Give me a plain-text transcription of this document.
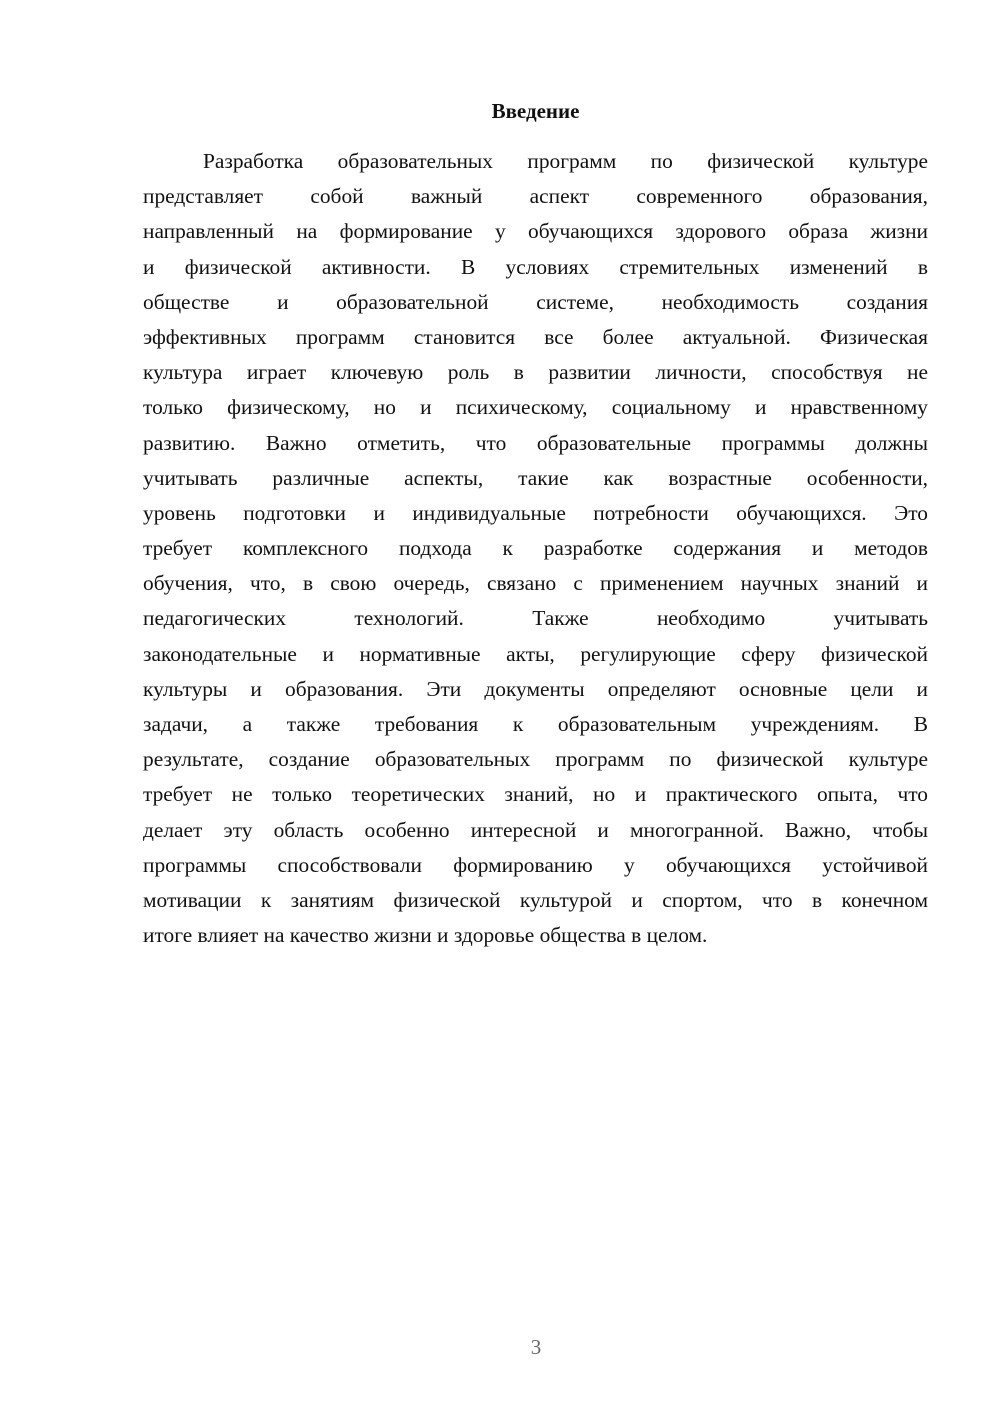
Введение
Разработка образовательных программ по физической культуре
представляет собой важный аспект современного образования,
направленный на формирование у обучающихся здорового образа жизни
и физической активности. В условиях стремительных изменений в
обществе и образовательной системе, необходимость создания
эффективных программ становится все более актуальной. Физическая
культура играет ключевую роль в развитии личности, способствуя не
только физическому, но и психическому, социальному и нравственному
развитию. Важно отметить, что образовательные программы должны
учитывать различные аспекты, такие как возрастные особенности,
уровень подготовки и индивидуальные потребности обучающихся. Это
требует комплексного подхода к разработке содержания и методов
обучения, что, в свою очередь, связано с применением научных знаний и
педагогических технологий. Также необходимо учитывать
законодательные и нормативные акты, регулирующие сферу физической
культуры и образования. Эти документы определяют основные цели и
задачи, а также требования к образовательным учреждениям. В
результате, создание образовательных программ по физической культуре
требует не только теоретических знаний, но и практического опыта, что
делает эту область особенно интересной и многогранной. Важно, чтобы
программы способствовали формированию у обучающихся устойчивой
мотивации к занятиям физической культурой и спортом, что в конечном
итоге влияет на качество жизни и здоровье общества в целом.
3
